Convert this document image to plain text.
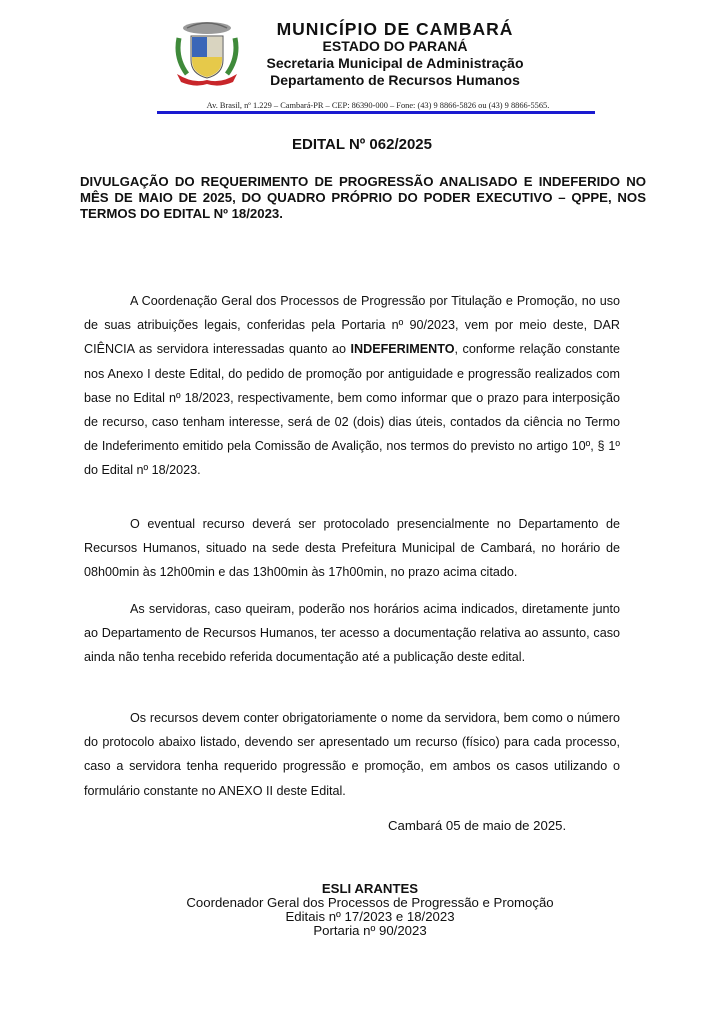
MUNICÍPIO DE CAMBARÁ
ESTADO DO PARANÁ
Secretaria Municipal de Administração
Departamento de Recursos Humanos
Av. Brasil, nº 1.229 – Cambará-PR – CEP: 86390-000 – Fone: (43) 9 8866-5826 ou (43) 9 8866-5565.
EDITAL Nº 062/2025
DIVULGAÇÃO DO REQUERIMENTO DE PROGRESSÃO ANALISADO E INDEFERIDO NO MÊS DE MAIO DE 2025, DO QUADRO PRÓPRIO DO PODER EXECUTIVO – QPPE, NOS TERMOS DO EDITAL Nº 18/2023.
A Coordenação Geral dos Processos de Progressão por Titulação e Promoção, no uso de suas atribuições legais, conferidas pela Portaria nº 90/2023, vem por meio deste, DAR CIÊNCIA as servidora interessadas quanto ao INDEFERIMENTO, conforme relação constante nos Anexo I deste Edital, do pedido de promoção por antiguidade e progressão realizados com base no Edital nº 18/2023, respectivamente, bem como informar que o prazo para interposição de recurso, caso tenham interesse, será de 02 (dois) dias úteis, contados da ciência no Termo de Indeferimento emitido pela Comissão de Avalição, nos termos do previsto no artigo 10º, § 1º do Edital nº 18/2023.
O eventual recurso deverá ser protocolado presencialmente no Departamento de Recursos Humanos, situado na sede desta Prefeitura Municipal de Cambará, no horário de 08h00min às 12h00min e das 13h00min às 17h00min, no prazo acima citado.
As servidoras, caso queiram, poderão nos horários acima indicados, diretamente junto ao Departamento de Recursos Humanos, ter acesso a documentação relativa ao assunto, caso ainda não tenha recebido referida documentação até a publicação deste edital.
Os recursos devem conter obrigatoriamente o nome da servidora, bem como o número do protocolo abaixo listado, devendo ser apresentado um recurso (físico) para cada processo, caso a servidora tenha requerido progressão e promoção, em ambos os casos utilizando o formulário constante no ANEXO II deste Edital.
Cambará 05 de maio de 2025.
ESLI ARANTES
Coordenador Geral dos Processos de Progressão e Promoção
Editais nº 17/2023 e 18/2023
Portaria nº 90/2023
